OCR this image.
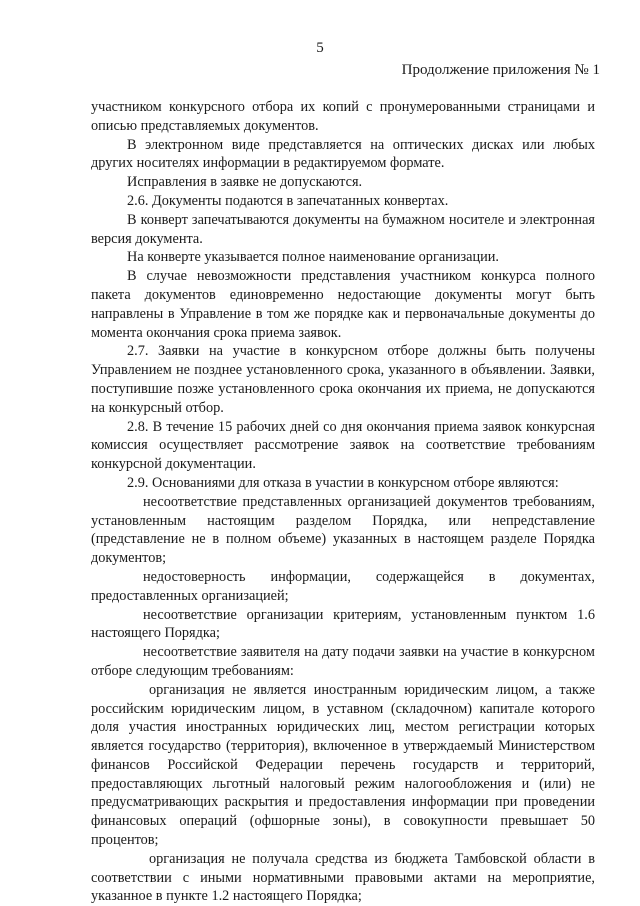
5
Продолжение приложения № 1

участником конкурсного отбора их копий с пронумерованными страницами и описью представляемых документов.

В электронном виде представляется на оптических дисках или любых других носителях информации в редактируемом формате.

Исправления в заявке не допускаются.

2.6. Документы подаются в запечатанных конвертах.

В конверт запечатываются документы на бумажном носителе и электронная версия документа.

На конверте указывается полное наименование организации.

В случае невозможности представления участником конкурса полного пакета документов единовременно недостающие документы могут быть направлены в Управление в том же порядке как и первоначальные документы до момента окончания срока приема заявок.

2.7. Заявки на участие в конкурсном отборе должны быть получены Управлением не позднее установленного срока, указанного в объявлении. Заявки, поступившие позже установленного срока окончания их приема, не допускаются на конкурсный отбор.

2.8. В течение 15 рабочих дней со дня окончания приема заявок конкурсная комиссия осуществляет рассмотрение заявок на соответствие требованиям конкурсной документации.

2.9. Основаниями для отказа в участии в конкурсном отборе являются:

несоответствие представленных организацией документов требованиям, установленным настоящим разделом Порядка, или непредставление (представление не в полном объеме) указанных в настоящем разделе Порядка документов;

недостоверность информации, содержащейся в документах, предоставленных организацией;

несоответствие организации критериям, установленным пунктом 1.6 настоящего Порядка;

несоответствие заявителя на дату подачи заявки на участие в конкурсном отборе следующим требованиям:

организация не является иностранным юридическим лицом, а также российским юридическим лицом, в уставном (складочном) капитале которого доля участия иностранных юридических лиц, местом регистрации которых является государство (территория), включенное в утверждаемый Министерством финансов Российской Федерации перечень государств и территорий, предоставляющих льготный налоговый режим налогообложения и (или) не предусматривающих раскрытия и предоставления информации при проведении финансовых операций (офшорные зоны), в совокупности превышает 50 процентов;

организация не получала средства из бюджета Тамбовской области в соответствии с иными нормативными правовыми актами на мероприятие, указанное в пункте 1.2 настоящего Порядка;
